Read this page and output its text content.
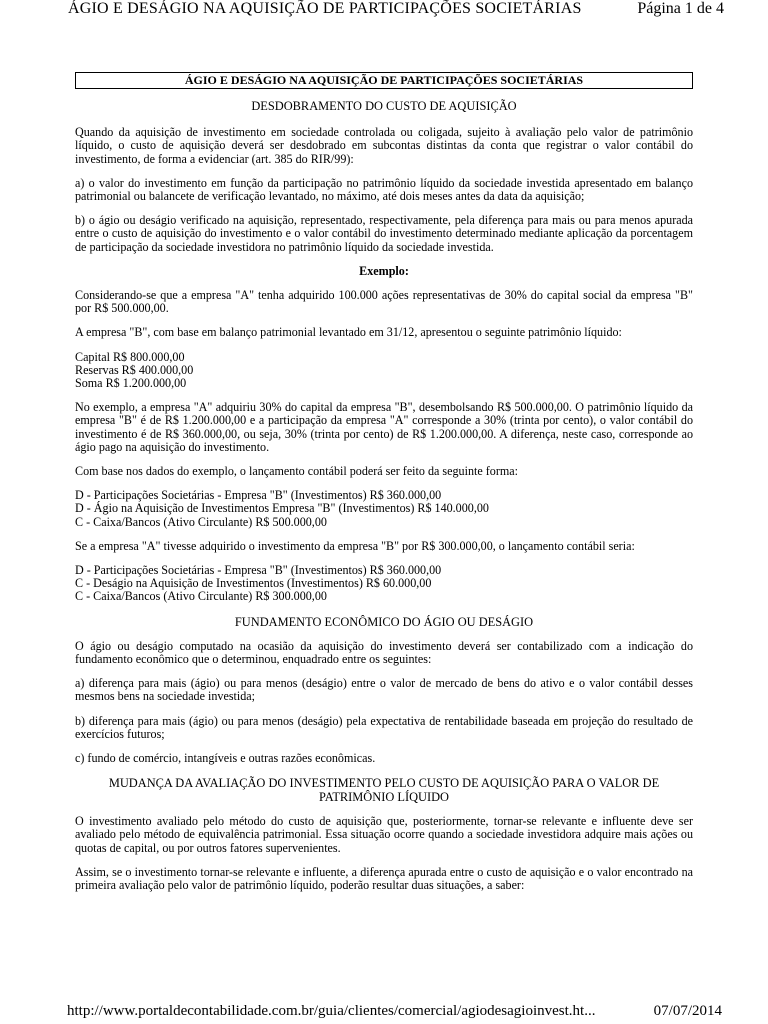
ÁGIO E DESÁGIO NA AQUISIÇÃO DE PARTICIPAÇÕES SOCIETÁRIAS	Página 1 de 4
ÁGIO E DESÁGIO NA AQUISIÇÃO DE PARTICIPAÇÕES SOCIETÁRIAS
DESDOBRAMENTO DO CUSTO DE AQUISIÇÃO
Quando da aquisição de investimento em sociedade controlada ou coligada, sujeito à avaliação pelo valor de patrimônio líquido, o custo de aquisição deverá ser desdobrado em subcontas distintas da conta que registrar o valor contábil do investimento, de forma a evidenciar (art. 385 do RIR/99):
a) o valor do investimento em função da participação no patrimônio líquido da sociedade investida apresentado em balanço patrimonial ou balancete de verificação levantado, no máximo, até dois meses antes da data da aquisição;
b) o ágio ou deságio verificado na aquisição, representado, respectivamente, pela diferença para mais ou para menos apurada entre o custo de aquisição do investimento e o valor contábil do investimento determinado mediante aplicação da porcentagem de participação da sociedade investidora no patrimônio líquido da sociedade investida.
Exemplo:
Considerando-se que a empresa "A" tenha adquirido 100.000 ações representativas de 30% do capital social da empresa "B" por R$ 500.000,00.
A empresa "B", com base em balanço patrimonial levantado em 31/12, apresentou o seguinte patrimônio líquido:
Capital R$ 800.000,00
Reservas R$ 400.000,00
Soma R$ 1.200.000,00
No exemplo, a empresa "A" adquiriu 30% do capital da empresa "B", desembolsando R$ 500.000,00. O patrimônio líquido da empresa "B" é de R$ 1.200.000,00 e a participação da empresa "A" corresponde a 30% (trinta por cento), o valor contábil do investimento é de R$ 360.000,00, ou seja, 30% (trinta por cento) de R$ 1.200.000,00. A diferença, neste caso, corresponde ao ágio pago na aquisição do investimento.
Com base nos dados do exemplo, o lançamento contábil poderá ser feito da seguinte forma:
D - Participações Societárias - Empresa "B" (Investimentos) R$ 360.000,00
D - Ágio na Aquisição de Investimentos Empresa "B" (Investimentos) R$ 140.000,00
C - Caixa/Bancos (Ativo Circulante) R$ 500.000,00
Se a empresa "A" tivesse adquirido o investimento da empresa "B" por R$ 300.000,00, o lançamento contábil seria:
D - Participações Societárias - Empresa "B" (Investimentos) R$ 360.000,00
C - Deságio na Aquisição de Investimentos (Investimentos) R$ 60.000,00
C - Caixa/Bancos (Ativo Circulante) R$ 300.000,00
FUNDAMENTO ECONÔMICO DO ÁGIO OU DESÁGIO
O ágio ou deságio computado na ocasião da aquisição do investimento deverá ser contabilizado com a indicação do fundamento econômico que o determinou, enquadrado entre os seguintes:
a) diferença para mais (ágio) ou para menos (deságio) entre o valor de mercado de bens do ativo e o valor contábil desses mesmos bens na sociedade investida;
b) diferença para mais (ágio) ou para menos (deságio) pela expectativa de rentabilidade baseada em projeção do resultado de exercícios futuros;
c) fundo de comércio, intangíveis e outras razões econômicas.
MUDANÇA DA AVALIAÇÃO DO INVESTIMENTO PELO CUSTO DE AQUISIÇÃO PARA O VALOR DE
PATRIMÔNIO LÍQUIDO
O investimento avaliado pelo método do custo de aquisição que, posteriormente, tornar-se relevante e influente deve ser avaliado pelo método de equivalência patrimonial. Essa situação ocorre quando a sociedade investidora adquire mais ações ou quotas de capital, ou por outros fatores supervenientes.
Assim, se o investimento tornar-se relevante e influente, a diferença apurada entre o custo de aquisição e o valor encontrado na primeira avaliação pelo valor de patrimônio líquido, poderão resultar duas situações, a saber:
http://www.portaldecontabilidade.com.br/guia/clientes/comercial/agiodesagioinvest.ht...	07/07/2014
